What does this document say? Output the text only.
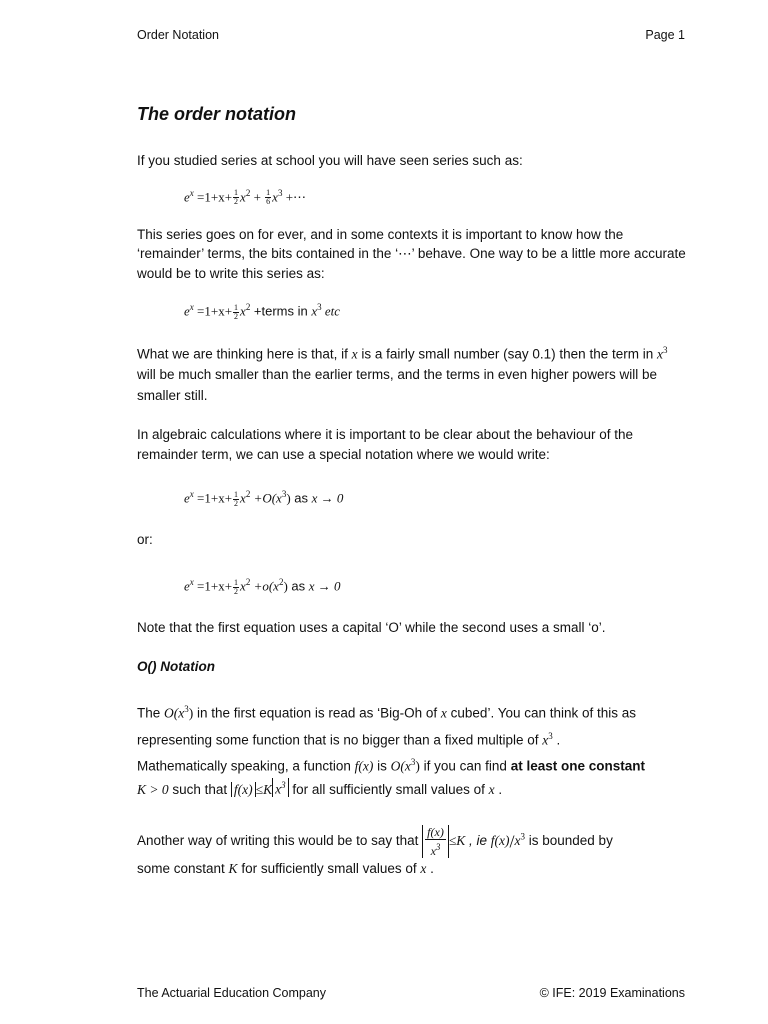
Order Notation	Page 1
The order notation

If you studied series at school you will have seen series such as:

$e^x =1+x+ \frac{1}{2} x^2 + \frac{1}{6} x^3$ +⋯

This series goes on for ever, and in some contexts it is important to know how the ‘remainder’ terms, the bits contained in the ‘⋯’ behave. One way to be a little more accurate would be to write this series as:

$e^x =1+x+ \frac{1}{2} x^2$ +terms in $x^3$ etc

What we are thinking here is that, if x is a fairly small number (say 0.1) then the term in $x^3$ will be much smaller than the earlier terms, and the terms in even higher powers will be smaller still.

In algebraic calculations where it is important to be clear about the behaviour of the remainder term, we can use a special notation where we would write:

$e^x =1+x+ \frac{1}{2} x^2 +O(x^3)$ as x → 0

or:

$e^x =1+x+ \frac{1}{2} x^2 +o(x^2)$ as x → 0

Note that the first equation uses a capital ‘O’ while the second uses a small ‘o’.

O() Notation

The $O(x^3)$ in the first equation is read as ‘Big-Oh of x cubed’. You can think of this as representing some function that is no bigger than a fixed multiple of $x^3$ .
Mathematically speaking, a function f(x) is $O(x^3)$ if you can find at least one constant
K > 0 such that f(x) ≤K $x^3$ for all sufficiently small values of x .

Another way of writing this would be to say that $\frac{f(x)}{x^3} \le K$ , ie $f(x)/x^3$ is bounded by
some constant K for sufficiently small values of x .

The Actuarial Education Company	© IFE: 2019 Examinations
